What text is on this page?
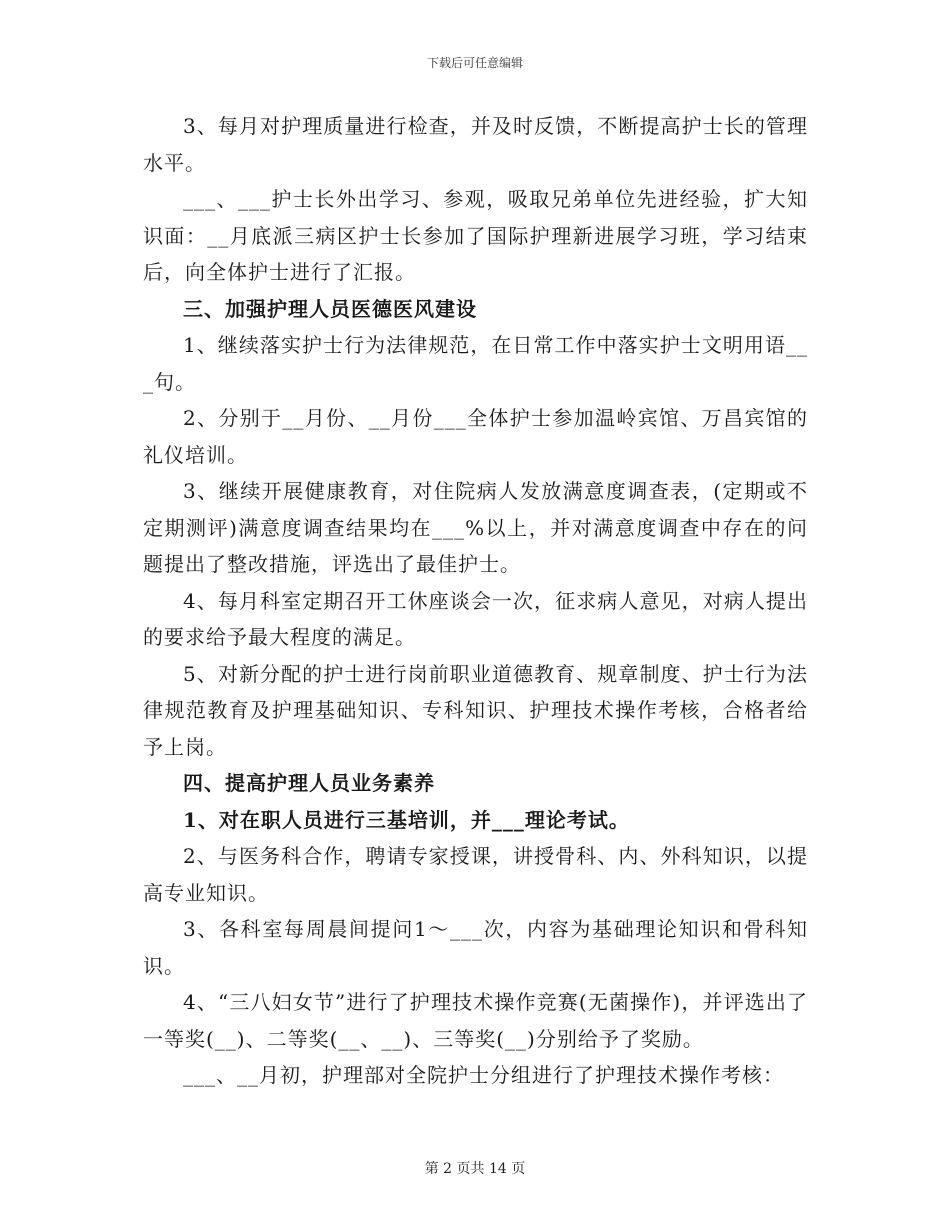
下载后可任意编辑

3、每月对护理质量进行检查，并及时反馈，不断提高护士长的管理水平。

___、___护士长外出学习、参观，吸取兄弟单位先进经验，扩大知识面：__月底派三病区护士长参加了国际护理新进展学习班，学习结束后，向全体护士进行了汇报。

三、加强护理人员医德医风建设

1、继续落实护士行为法律规范，在日常工作中落实护士文明用语___句。

2、分别于__月份、__月份___全体护士参加温岭宾馆、万昌宾馆的礼仪培训。

3、继续开展健康教育，对住院病人发放满意度调查表，(定期或不定期测评)满意度调查结果均在___%以上，并对满意度调查中存在的问题提出了整改措施，评选出了最佳护士。

4、每月科室定期召开工休座谈会一次，征求病人意见，对病人提出的要求给予最大程度的满足。

5、对新分配的护士进行岗前职业道德教育、规章制度、护士行为法律规范教育及护理基础知识、专科知识、护理技术操作考核，合格者给予上岗。

四、提高护理人员业务素养

1、对在职人员进行三基培训，并___理论考试。

2、与医务科合作，聘请专家授课，讲授骨科、内、外科知识，以提高专业知识。

3、各科室每周晨间提问1～___次，内容为基础理论知识和骨科知识。

4、“三八妇女节”进行了护理技术操作竞赛(无菌操作)，并评选出了一等奖(__)、二等奖(__、__)、三等奖(__)分别给予了奖励。

___、__月初，护理部对全院护士分组进行了护理技术操作考核：

第 2 页共 14 页
